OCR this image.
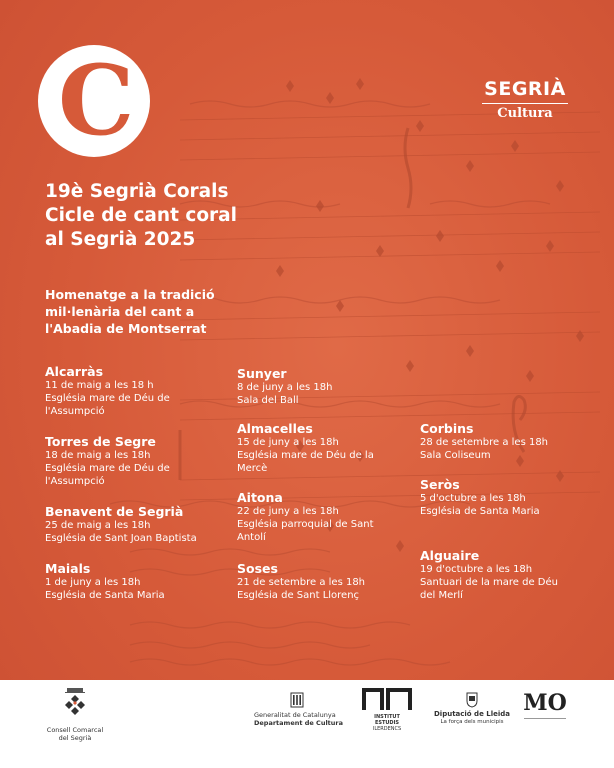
C	SEGRIÀ
Cultura
19è Segrià Corals
Cicle de cant coral
al Segrià 2025
Homenatge a la tradició
mil·lenària del cant a
l'Abadia de Montserrat
Alcarràs
11 de maig a les 18 h
Església mare de Déu de
l'Assumpció
Torres de Segre
18 de maig a les 18h
Església mare de Déu de
l'Assumpció
Benavent de Segrià
25 de maig a les 18h
Església de Sant Joan Baptista
Maials
1 de juny a les 18h
Església de Santa Maria
Sunyer
8 de juny a les 18h
Sala del Ball
Almacelles
15 de juny a les 18h
Església mare de Déu de la
Mercè
Aitona
22 de juny a les 18h
Església parroquial de Sant
Antolí
Soses
21 de setembre a les 18h
Església de Sant Llorenç
Corbins
28 de setembre a les 18h
Sala Coliseum
Seròs
5 d'octubre a les 18h
Església de Santa Maria
Alguaire
19 d'octubre a les 18h
Santuari de la mare de Déu
del Merlí
Consell Comarcal
del Segrià
Generalitat de Catalunya
Departament de Cultura
INSTITUT
ESTUDIS
ILERDENCS
Diputació de Lleida
La força dels municipis
MO
